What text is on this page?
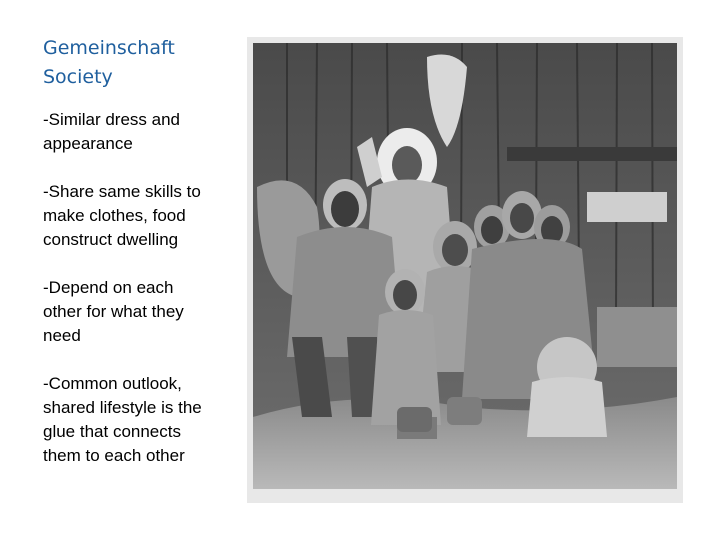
Gemeinschaft
Society
-Similar dress and
appearance
-Share same skills to
make clothes, food
construct dwelling
-Depend on each
other for what they
need
-Common outlook,
shared lifestyle is the
glue that connects
them to each other
